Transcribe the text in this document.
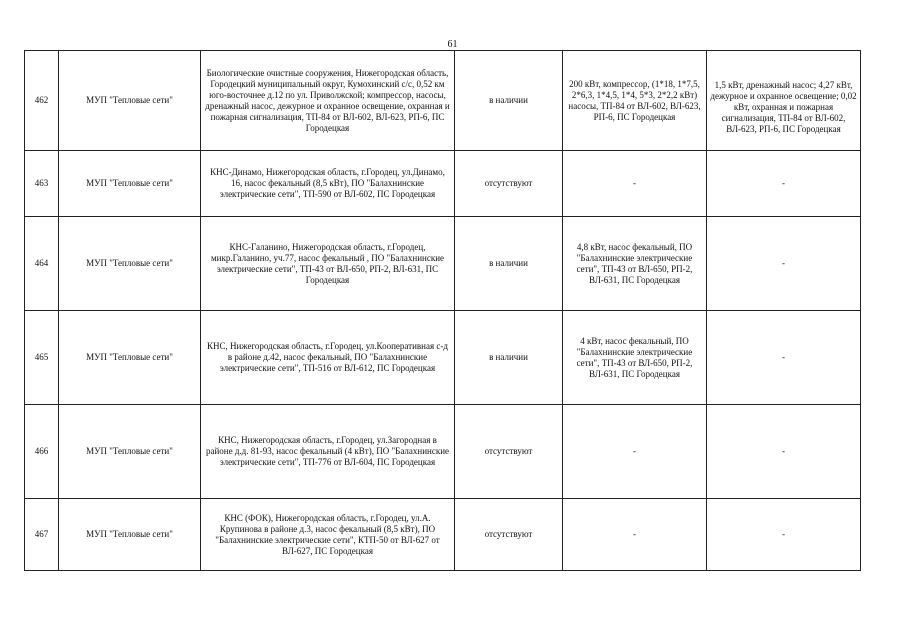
61
462	МУП "Тепловые сети"	Биологические очистные сооружения, Нижегородская область, Городецкий муниципальный округ, Кумохинский с/с, 0,52 км юго-восточнее д.12 по ул. Приволжской; компрессор, насосы, дренажный насос, дежурное и охранное освещение, охранная и пожарная сигнализация, ТП-84 от ВЛ-602, ВЛ-623, РП-6, ПС Городецкая	в наличии	200 кВт, компрессор, (1*18, 1*7,5, 2*6,3, 1*4,5, 1*4, 5*3, 2*2,2 кВт) насосы, ТП-84 от ВЛ-602, ВЛ-623, РП-6, ПС Городецкая	1,5 кВт, дренажный насос; 4,27 кВт, дежурное и охранное освещение; 0,02 кВт, охранная и пожарная сигнализация, ТП-84 от ВЛ-602, ВЛ-623, РП-6, ПС Городецкая
463	МУП "Тепловые сети"	КНС-Динамо, Нижегородская область, г.Городец, ул.Динамо, 16, насос фекальный (8,5 кВт), ПО "Балахнинские электрические сети", ТП-590 от ВЛ-602, ПС Городецкая	отсутствуют	-	-
464	МУП "Тепловые сети"	КНС-Галанино, Нижегородская область, г.Городец, микр.Галанино, уч.77, насос фекальный , ПО "Балахнинские электрические сети", ТП-43 от ВЛ-650, РП-2, ВЛ-631, ПС Городецкая	в наличии	4,8 кВт, насос фекальный, ПО "Балахнинские электрические сети", ТП-43 от ВЛ-650, РП-2, ВЛ-631, ПС Городецкая	-
465	МУП "Тепловые сети"	КНС, Нижегородская область, г.Городец, ул.Кооперативная с-д в районе д.42, насос фекальный, ПО "Балахнинские электрические сети", ТП-516 от ВЛ-612, ПС Городецкая	в наличии	4 кВт, насос фекальный, ПО "Балахнинские электрические сети", ТП-43 от ВЛ-650, РП-2, ВЛ-631, ПС Городецкая	-
466	МУП "Тепловые сети"	КНС, Нижегородская область, г.Городец, ул.Загородная в районе д.д. 81-93, насос фекальный (4 кВт), ПО "Балахнинские электрические сети", ТП-776 от ВЛ-604, ПС Городецкая	отсутствуют	-	-
467	МУП "Тепловые сети"	КНС (ФОК), Нижегородская область, г.Городец, ул.А. Крупинова в районе д.3, насос фекальный (8,5 кВт), ПО "Балахнинские электрические сети", КТП-50 от ВЛ-627 от ВЛ-627, ПС Городецкая	отсутствуют	-	-
